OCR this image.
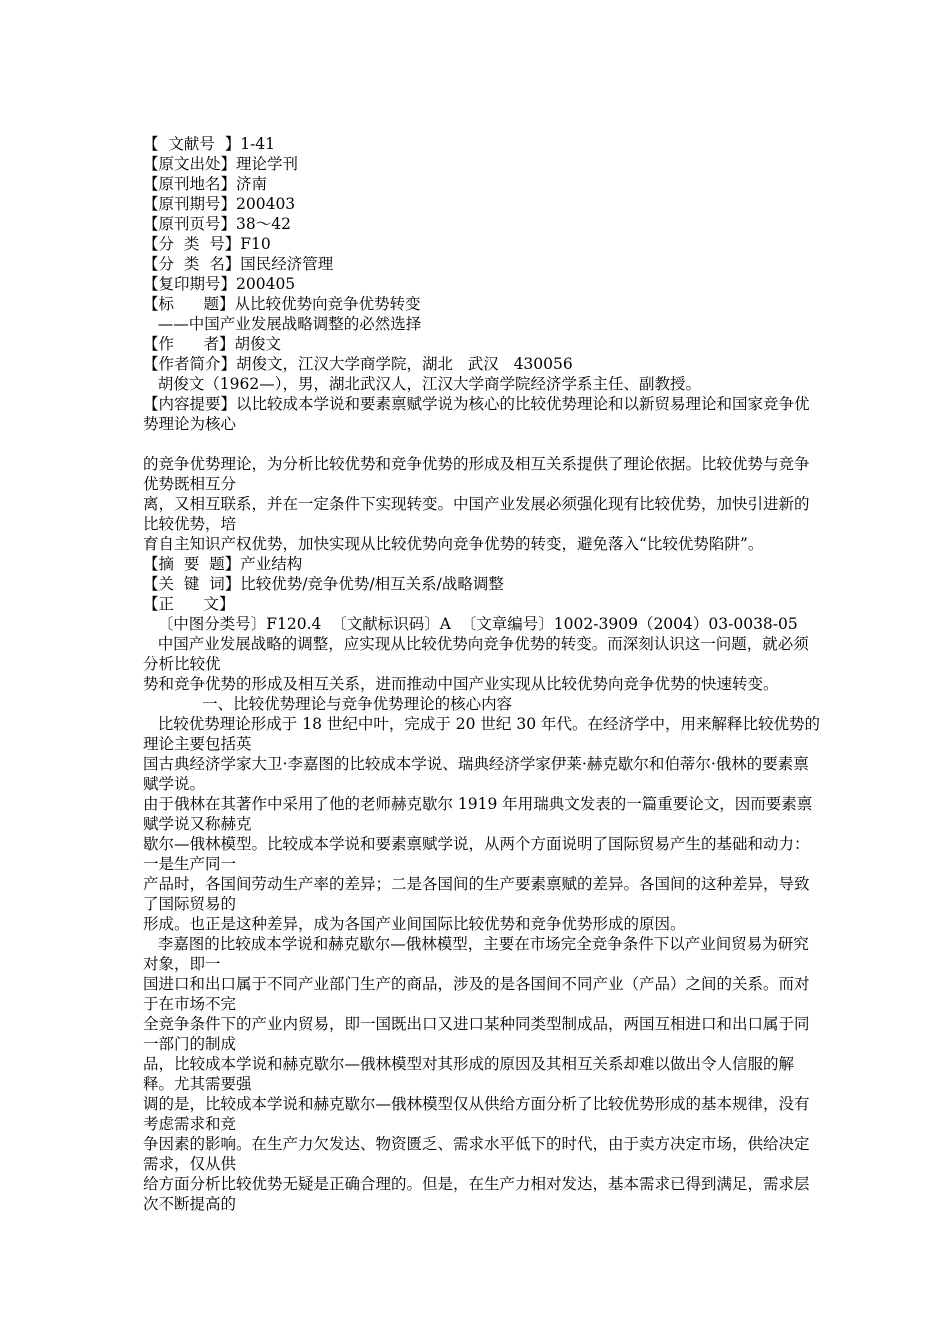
【  文献号  】1-41
【原文出处】理论学刊
【原刊地名】济南
【原刊期号】200403
【原刊页号】38～42
【分  类  号】F10
【分  类  名】国民经济管理
【复印期号】200405
【标      题】从比较优势向竞争优势转变
——中国产业发展战略调整的必然选择
【作      者】胡俊文
【作者简介】胡俊文，江汉大学商学院，湖北   武汉   430056
胡俊文（1962—），男，湖北武汉人，江汉大学商学院经济学系主任、副教授。
【内容提要】以比较成本学说和要素禀赋学说为核心的比较优势理论和以新贸易理论和国家竞争优势理论为核心
的竞争优势理论，为分析比较优势和竞争优势的形成及相互关系提供了理论依据。比较优势与竞争优势既相互分
离，又相互联系，并在一定条件下实现转变。中国产业发展必须强化现有比较优势，加快引进新的比较优势，培
育自主知识产权优势，加快实现从比较优势向竞争优势的转变，避免落入“比较优势陷阱”。
【摘  要  题】产业结构
【关  键  词】比较优势/竞争优势/相互关系/战略调整
【正      文】
〔中图分类号〕F120.4  〔文献标识码〕A  〔文章编号〕1002-3909（2004）03-0038-05
中国产业发展战略的调整，应实现从比较优势向竞争优势的转变。而深刻认识这一问题，就必须分析比较优
势和竞争优势的形成及相互关系，进而推动中国产业实现从比较优势向竞争优势的快速转变。
一、比较优势理论与竞争优势理论的核心内容
比较优势理论形成于 18 世纪中叶，完成于 20 世纪 30 年代。在经济学中，用来解释比较优势的理论主要包括英
国古典经济学家大卫·李嘉图的比较成本学说、瑞典经济学家伊莱·赫克歇尔和伯蒂尔·俄林的要素禀赋学说。
由于俄林在其著作中采用了他的老师赫克歇尔 1919 年用瑞典文发表的一篇重要论文，因而要素禀赋学说又称赫克
歇尔—俄林模型。比较成本学说和要素禀赋学说，从两个方面说明了国际贸易产生的基础和动力：一是生产同一
产品时，各国间劳动生产率的差异；二是各国间的生产要素禀赋的差异。各国间的这种差异，导致了国际贸易的
形成。也正是这种差异，成为各国产业间国际比较优势和竞争优势形成的原因。
李嘉图的比较成本学说和赫克歇尔—俄林模型，主要在市场完全竞争条件下以产业间贸易为研究对象，即一
国进口和出口属于不同产业部门生产的商品，涉及的是各国间不同产业（产品）之间的关系。而对于在市场不完
全竞争条件下的产业内贸易，即一国既出口又进口某种同类型制成品，两国互相进口和出口属于同一部门的制成
品，比较成本学说和赫克歇尔—俄林模型对其形成的原因及其相互关系却难以做出令人信服的解释。尤其需要强
调的是，比较成本学说和赫克歇尔—俄林模型仅从供给方面分析了比较优势形成的基本规律，没有考虑需求和竞
争因素的影响。在生产力欠发达、物资匮乏、需求水平低下的时代，由于卖方决定市场，供给决定需求，仅从供
给方面分析比较优势无疑是正确合理的。但是，在生产力相对发达，基本需求已得到满足，需求层次不断提高的
